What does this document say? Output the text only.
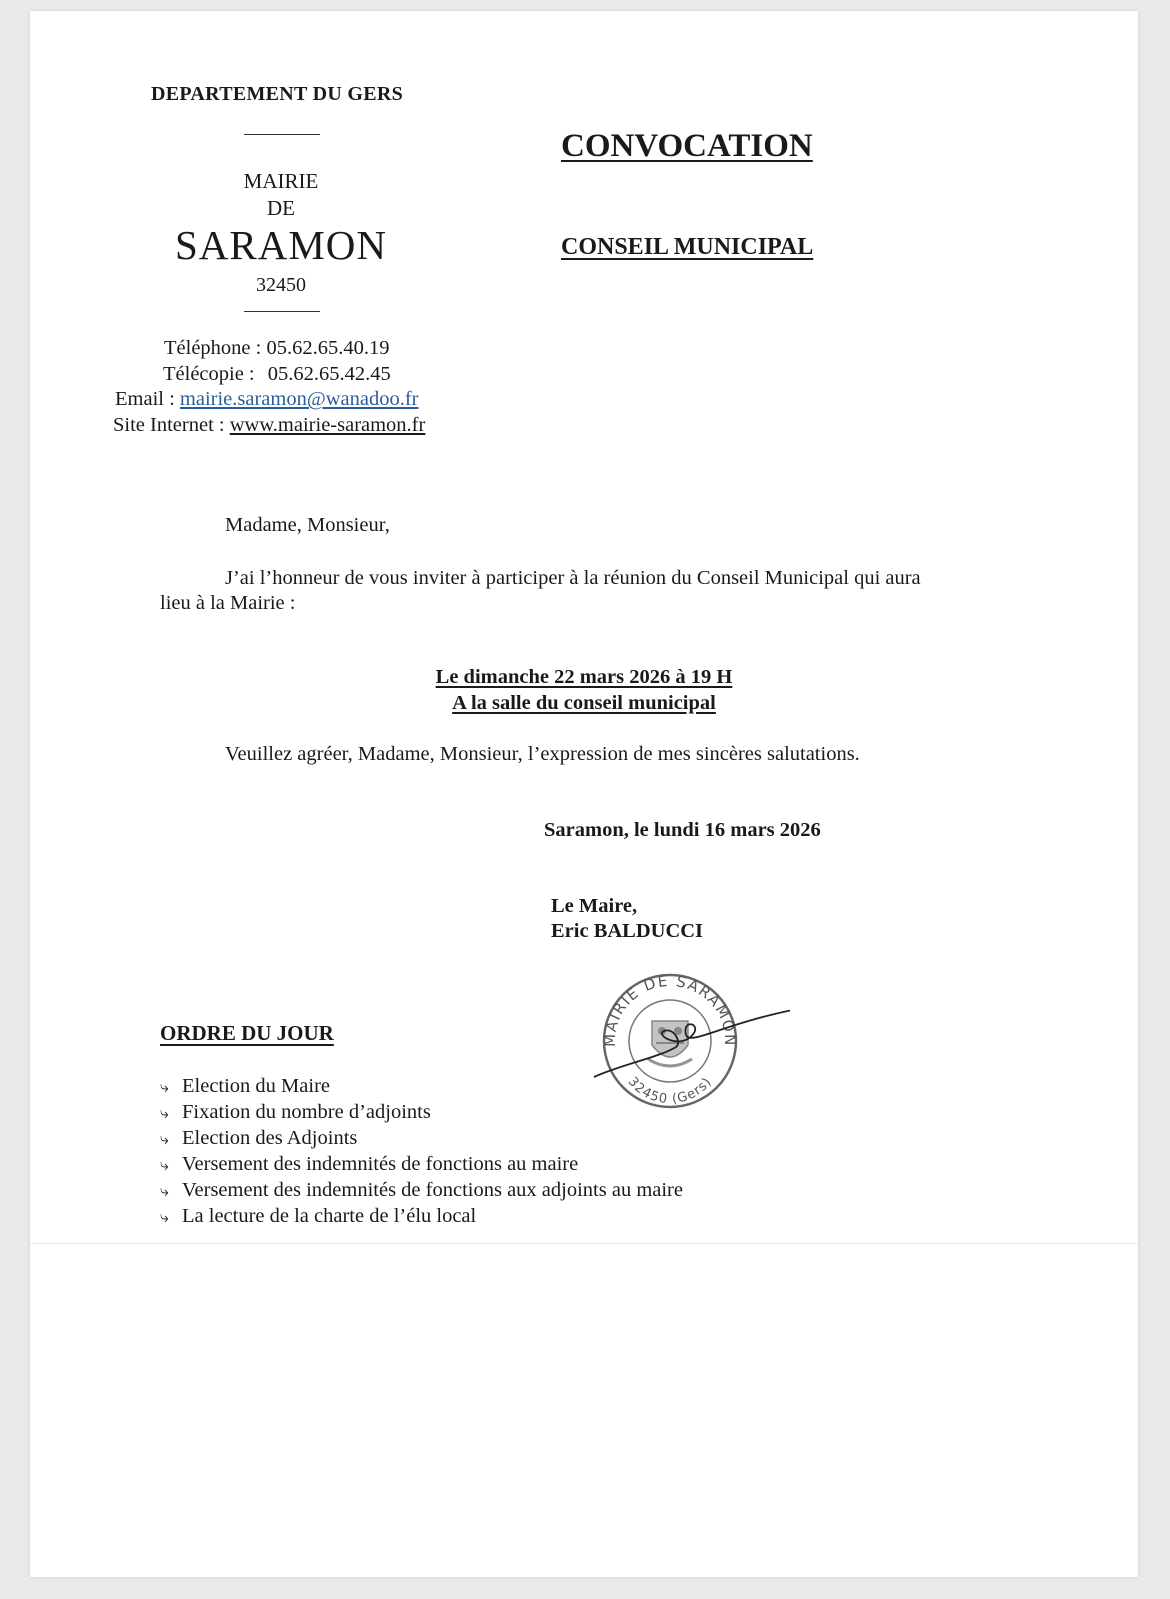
DEPARTEMENT DU GERS
MAIRIE
DE
SARAMON
32450
Téléphone : 05.62.65.40.19
Télécopie : 05.62.65.42.45
Email : mairie.saramon@wanadoo.fr
Site Internet : www.mairie-saramon.fr
CONVOCATION
CONSEIL MUNICIPAL
Madame, Monsieur,
J’ai l’honneur de vous inviter à participer à la réunion du Conseil Municipal qui aura
lieu à la Mairie :
Le dimanche 22 mars 2026 à 19 H
A la salle du conseil municipal
Veuillez agréer, Madame, Monsieur, l’expression de mes sincères salutations.
Saramon, le lundi 16 mars 2026
Le Maire,
Eric BALDUCCI
MAIRIE DE SARAMON
32450 (Gers)
ORDRE DU JOUR
⤷ Election du Maire
⤷ Fixation du nombre d’adjoints
⤷ Election des Adjoints
⤷ Versement des indemnités de fonctions au maire
⤷ Versement des indemnités de fonctions aux adjoints au maire
⤷ La lecture de la charte de l’élu local
